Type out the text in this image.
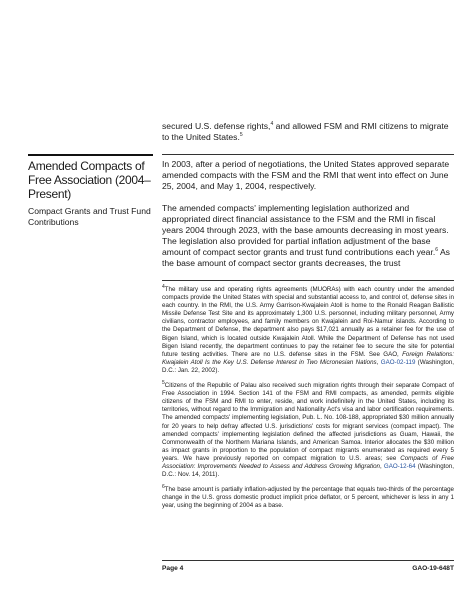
secured U.S. defense rights,$^4$ and allowed FSM and RMI citizens to migrate to the United States.$^5$

Amended Compacts of Free Association (2004–Present)

Compact Grants and Trust Fund Contributions

In 2003, after a period of negotiations, the United States approved separate amended compacts with the FSM and the RMI that went into effect on June 25, 2004, and May 1, 2004, respectively.

The amended compacts' implementing legislation authorized and appropriated direct financial assistance to the FSM and the RMI in fiscal years 2004 through 2023, with the base amounts decreasing in most years. The legislation also provided for partial inflation adjustment of the base amount of compact sector grants and trust fund contributions each year.$^6$ As the base amount of compact sector grants decreases, the trust

$^4$The military use and operating rights agreements (MUORAs) with each country under the amended compacts provide the United States with special and substantial access to, and control of, defense sites in each country. In the RMI, the U.S. Army Garrison-Kwajalein Atoll is home to the Ronald Reagan Ballistic Missile Defense Test Site and its approximately 1,300 U.S. personnel, including military personnel, Army civilians, contractor employees, and family members on Kwajalein and Roi-Namur islands. According to the Department of Defense, the department also pays $17,021 annually as a retainer fee for the use of Bigen Island, which is located outside Kwajalein Atoll. While the Department of Defense has not used Bigen Island recently, the department continues to pay the retainer fee to secure the site for potential future testing activities. There are no U.S. defense sites in the FSM. See GAO, Foreign Relations: Kwajalein Atoll Is the Key U.S. Defense Interest in Two Micronesian Nations, GAO-02-119 (Washington, D.C.: Jan. 22, 2002).

$^5$Citizens of the Republic of Palau also received such migration rights through their separate Compact of Free Association in 1994. Section 141 of the FSM and RMI compacts, as amended, permits eligible citizens of the FSM and RMI to enter, reside, and work indefinitely in the United States, including its territories, without regard to the Immigration and Nationality Act's visa and labor certification requirements. The amended compacts' implementing legislation, Pub. L. No. 108-188, appropriated $30 million annually for 20 years to help defray affected U.S. jurisdictions' costs for migrant services (compact impact). The amended compacts' implementing legislation defined the affected jurisdictions as Guam, Hawaii, the Commonwealth of the Northern Mariana Islands, and American Samoa. Interior allocates the $30 million as impact grants in proportion to the population of compact migrants enumerated as required every 5 years. We have previously reported on compact migration to U.S. areas; see Compacts of Free Association: Improvements Needed to Assess and Address Growing Migration, GAO-12-64 (Washington, D.C.: Nov. 14, 2011).

$^6$The base amount is partially inflation-adjusted by the percentage that equals two-thirds of the percentage change in the U.S. gross domestic product implicit price deflator, or 5 percent, whichever is less in any 1 year, using the beginning of 2004 as a base.

Page 4	GAO-19-648T
